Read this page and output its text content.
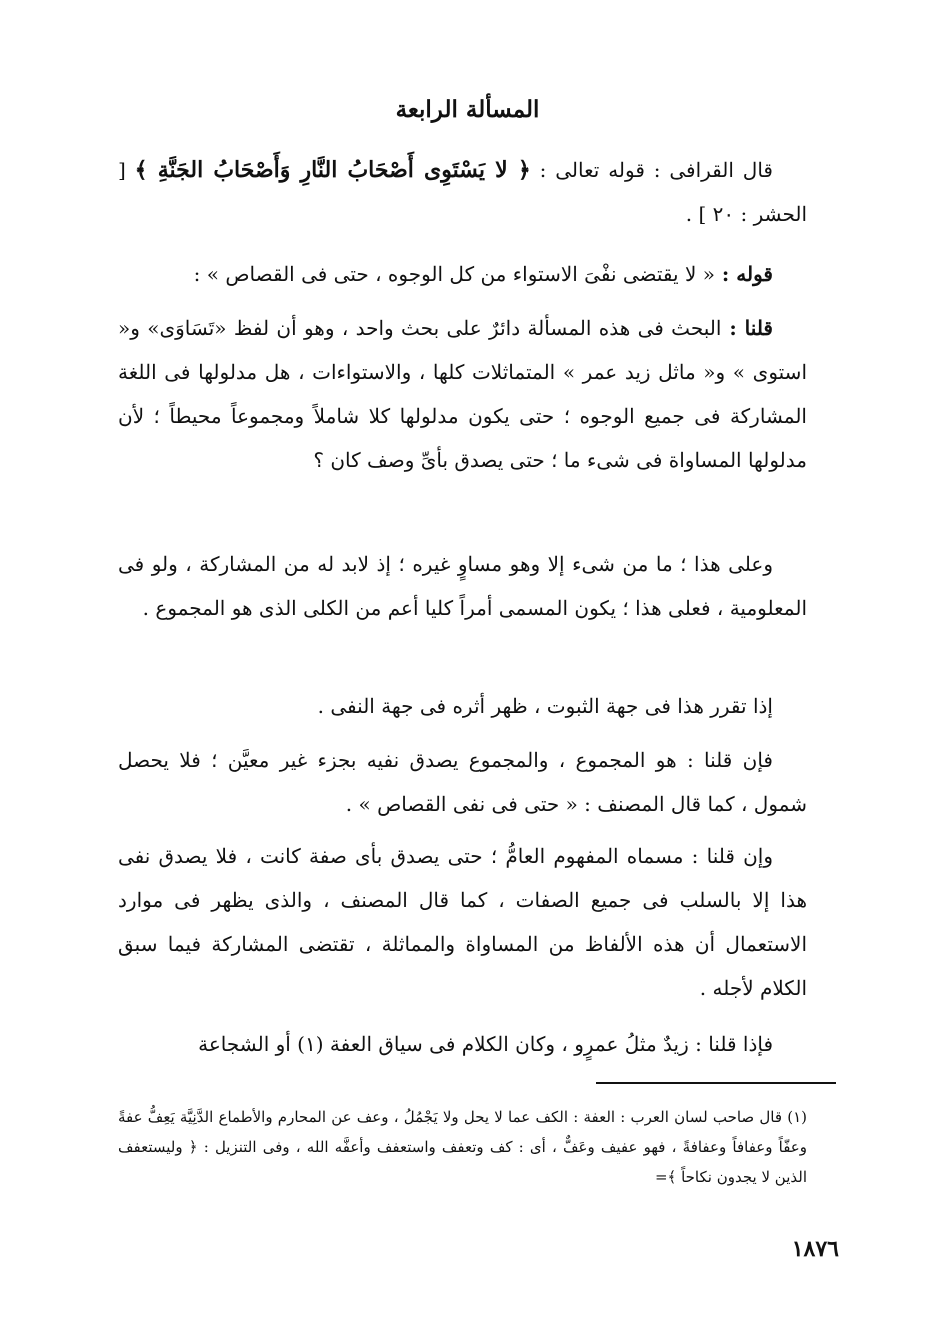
المسألة الرابعة

قال القرافى : قوله تعالى : ﴿ لا يَسْتَوِى أَصْحَابُ النَّارِ وَأَصْحَابُ الجَنَّةِ ﴾ [ الحشر : ٢٠ ] .

قوله : « لا يقتضى نفْىَ الاستواء من كل الوجوه ، حتى فى القصاص » :

قلنا : البحث فى هذه المسألة دائرٌ على بحث واحد ، وهو أن لفظ «تَسَاوَى» و« استوى » و« ماثل زيد عمر » المتماثلات كلها ، والاستواءات ، هل مدلولها فى اللغة المشاركة فى جميع الوجوه ؛ حتى يكون مدلولها كلا شاملاً ومجموعاً محيطاً ؛ لأن مدلولها المساواة فى شىء ما ؛ حتى يصدق بأىِّ وصف كان ؟

وعلى هذا ؛ ما من شىء إلا وهو مساوٍ غيره ؛ إذ لابد له من المشاركة ، ولو فى المعلومية ، فعلى هذا ؛ يكون المسمى أمراً كليا أعم من الكلى الذى هو المجموع .

إذا تقرر هذا فى جهة الثبوت ، ظهر أثره فى جهة النفى .

فإن قلنا : هو المجموع ، والمجموع يصدق نفيه بجزء غير معيَّن ؛ فلا يحصل شمول ، كما قال المصنف : « حتى فى نفى القصاص » .

وإن قلنا : مسماه المفهوم العامُّ ؛ حتى يصدق بأى صفة كانت ، فلا يصدق نفى هذا إلا بالسلب فى جميع الصفات ، كما قال المصنف ، والذى يظهر فى موارد الاستعمال أن هذه الألفاظ من المساواة والمماثلة ، تقتضى المشاركة فيما سبق الكلام لأجله .

فإذا قلنا : زيدٌ مثلُ عمرٍو ، وكان الكلام فى سياق العفة (١) أو الشجاعة

(١) قال صاحب لسان العرب : العفة : الكف عما لا يحل ولا يَجْمُلُ ، وعف عن المحارم والأطماع الدَّنِيَّة يَعِفُّ عفةً وعفّاً وعفافاً وعفافةً ، فهو عفيف وعَفٌّ ، أى : كف وتعفف واستعفف وأعفَّه الله ، وفى التنزيل : ﴿ وليستعفف الذين لا يجدون نكاحاً ﴾=
١٨٧٦
